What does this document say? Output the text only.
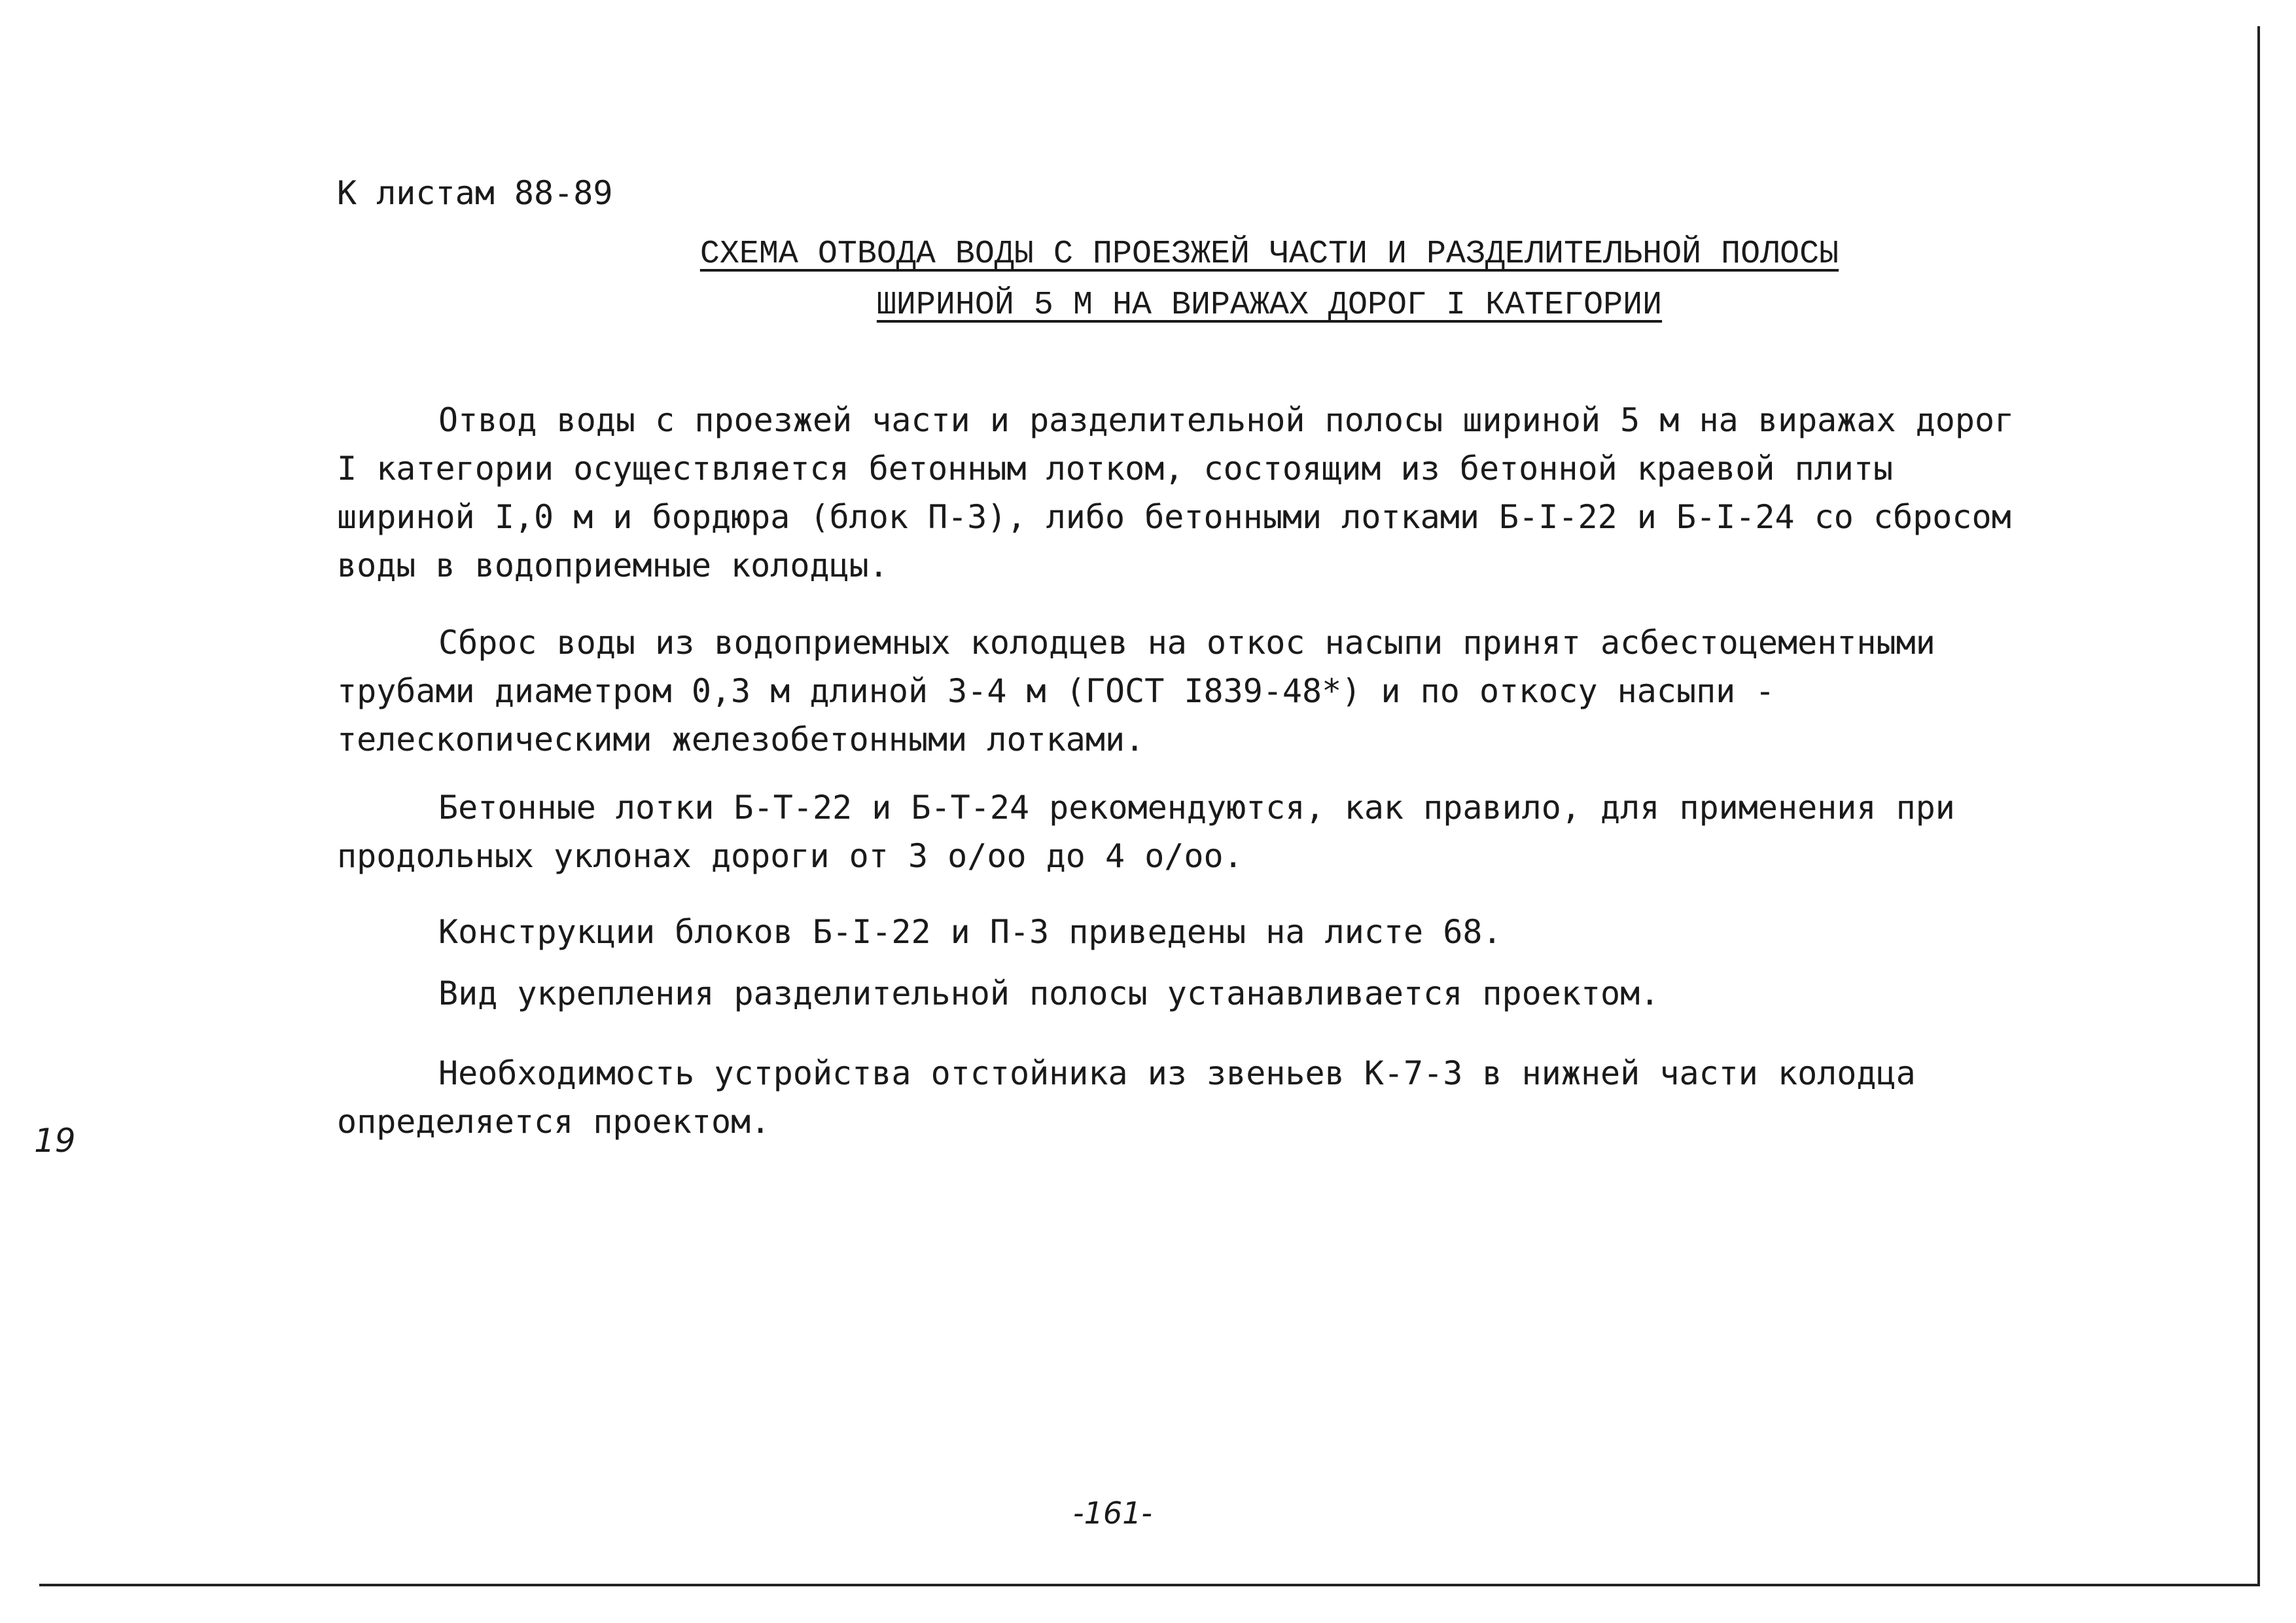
К листам 88-89
СХЕМА ОТВОДА ВОДЫ С ПРОЕЗЖЕЙ ЧАСТИ И РАЗДЕЛИТЕЛЬНОЙ ПОЛОСЫ
ШИРИНОЙ 5 М НА ВИРАЖАХ ДОРОГ I КАТЕГОРИИ

Отвод воды с проезжей части и разделительной полосы шириной 5 м на виражах дорог I категории осуществляется бетонным лотком, состоящим из бетонной краевой плиты шириной I,0 м и бордюра (блок П-3), либо бетонными лотками Б-I-22 и Б-I-24 со сбросом воды в водоприемные колодцы.

Сброс воды из водоприемных колодцев на откос насыпи принят асбестоцементными трубами диаметром 0,3 м длиной 3-4 м (ГОСТ I839-48*) и по откосу насыпи - телескопическими железобетонными лотками.

Бетонные лотки Б-Т-22 и Б-Т-24 рекомендуются, как правило, для применения при продольных уклонах дороги от 3 о/оо до 4 о/оо.

Конструкции блоков Б-I-22 и П-3 приведены на листе 68.

Вид укрепления разделительной полосы устанавливается проектом.

Необходимость устройства отстойника из звеньев К-7-3 в нижней части колодца определяется проектом.

19
-161-
